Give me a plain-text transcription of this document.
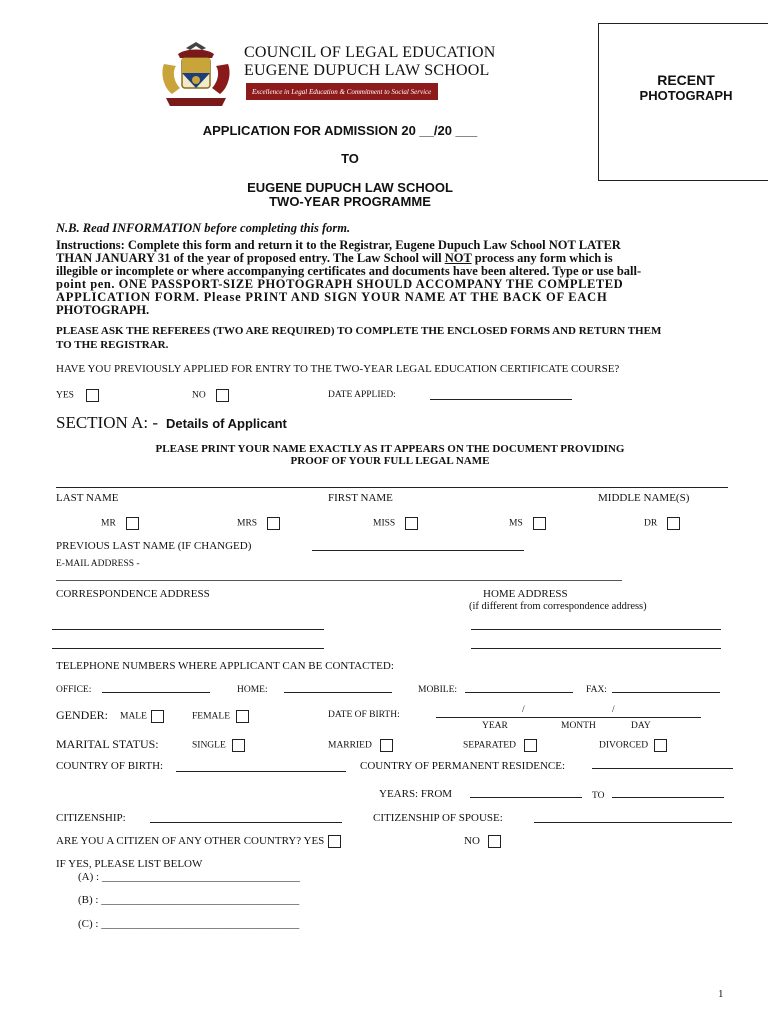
COUNCIL OF LEGAL EDUCATION
EUGENE DUPUCH LAW SCHOOL
Excellence in Legal Education & Commitment to Social Service
RECENT
PHOTOGRAPH
APPLICATION FOR ADMISSION 20 __/20 ___
TO
EUGENE DUPUCH LAW SCHOOL
TWO-YEAR PROGRAMME
N.B. Read INFORMATION before completing this form.
Instructions: Complete this form and return it to the Registrar, Eugene Dupuch Law School NOT LATER
THAN JANUARY 31 of the year of proposed entry. The Law School will NOT process any form which is
illegible or incomplete or where accompanying certificates and documents have been altered. Type or use ball-
point pen. ONE PASSPORT-SIZE PHOTOGRAPH SHOULD ACCOMPANY THE COMPLETED
APPLICATION FORM. Please PRINT AND SIGN YOUR NAME AT THE BACK OF EACH
PHOTOGRAPH.
PLEASE ASK THE REFEREES (TWO ARE REQUIRED) TO COMPLETE THE ENCLOSED FORMS AND RETURN THEM
TO THE REGISTRAR.
HAVE YOU PREVIOUSLY APPLIED FOR ENTRY TO THE TWO-YEAR LEGAL EDUCATION CERTIFICATE COURSE?
YES	NO	DATE APPLIED:
SECTION A: - Details of Applicant
PLEASE PRINT YOUR NAME EXACTLY AS IT APPEARS ON THE DOCUMENT PROVIDING
PROOF OF YOUR FULL LEGAL NAME
LAST NAME	FIRST NAME	MIDDLE NAME(S)
MR	MRS	MISS	MS	DR
PREVIOUS LAST NAME (IF CHANGED)
E-MAIL ADDRESS -
CORRESPONDENCE ADDRESS	HOME ADDRESS
(if different from correspondence address)
TELEPHONE NUMBERS WHERE APPLICANT CAN BE CONTACTED:
OFFICE:	HOME:	MOBILE:	FAX:
GENDER: MALE	FEMALE	DATE OF BIRTH:	/	/
YEAR	MONTH	DAY
MARITAL STATUS:	SINGLE	MARRIED	SEPARATED	DIVORCED
COUNTRY OF BIRTH:	COUNTRY OF PERMANENT RESIDENCE:
YEARS: FROM	TO
CITIZENSHIP:	CITIZENSHIP OF SPOUSE:
ARE YOU A CITIZEN OF ANY OTHER COUNTRY? YES	NO
IF YES, PLEASE LIST BELOW
(A) : ____________________________________
(B) : ____________________________________
(C) : ____________________________________
1
